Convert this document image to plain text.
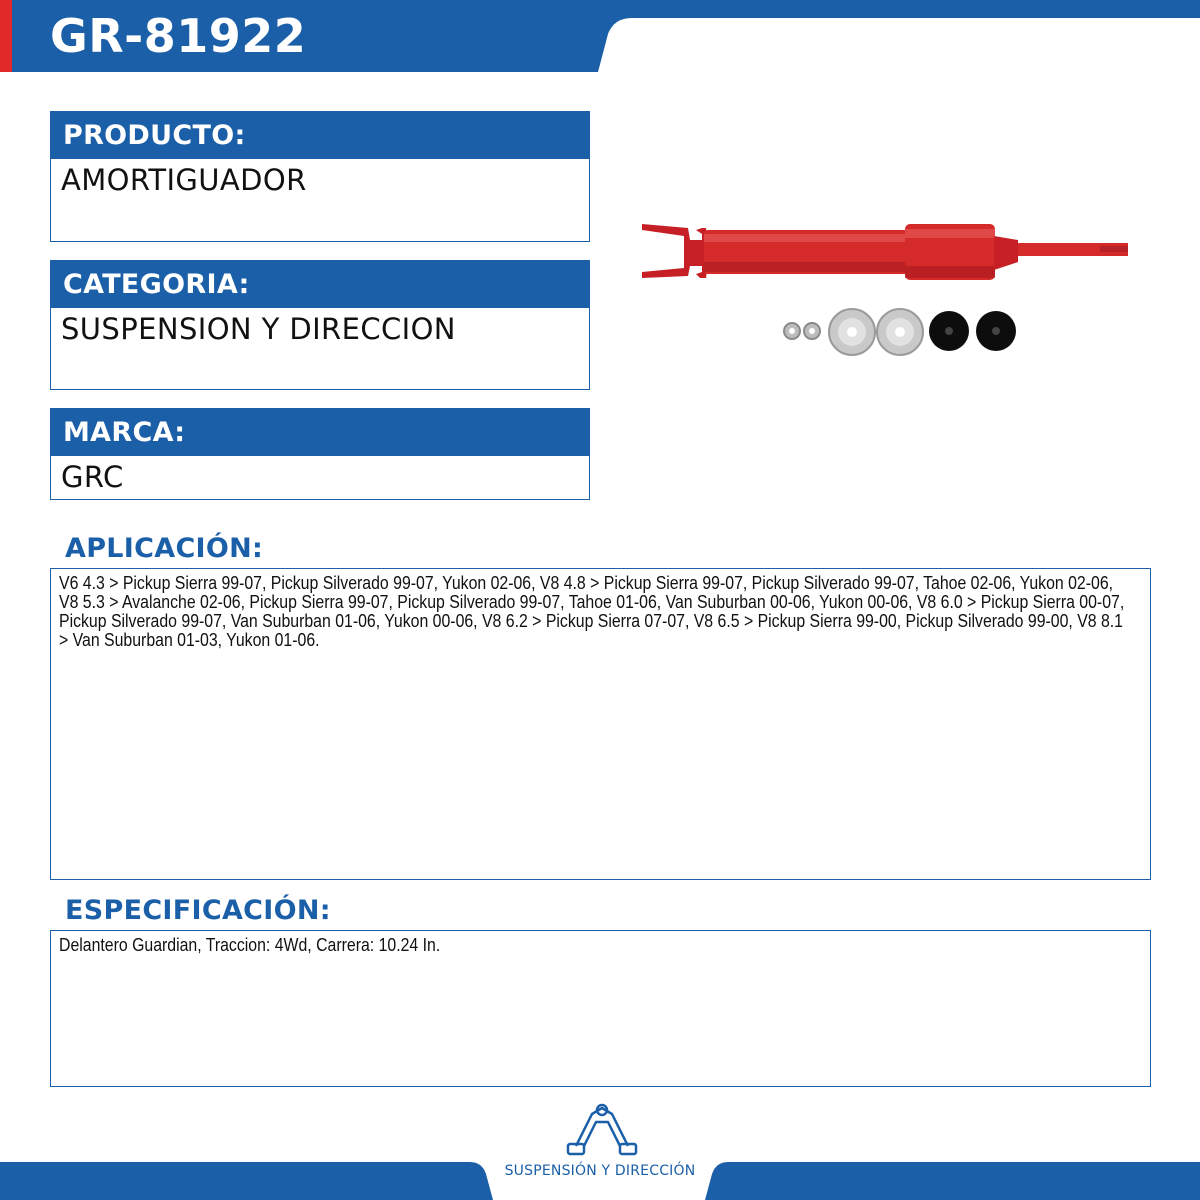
GR-81922
PRODUCTO:
AMORTIGUADOR
CATEGORIA:
SUSPENSION Y DIRECCION
MARCA:
GRC
APLICACIÓN:
V6 4.3 > Pickup Sierra 99-07, Pickup Silverado 99-07, Yukon 02-06, V8 4.8 > Pickup Sierra 99-07, Pickup Silverado 99-07, Tahoe 02-06, Yukon 02-06, V8 5.3 > Avalanche 02-06, Pickup Sierra 99-07, Pickup Silverado 99-07, Tahoe 01-06, Van Suburban 00-06, Yukon 00-06, V8 6.0 > Pickup Sierra 00-07, Pickup Silverado 99-07, Van Suburban 01-06, Yukon 00-06, V8 6.2 > Pickup Sierra 07-07, V8 6.5 > Pickup Sierra 99-00, Pickup Silverado 99-00, V8 8.1 > Van Suburban 01-03, Yukon 01-06.
ESPECIFICACIÓN:
Delantero Guardian, Traccion: 4Wd, Carrera: 10.24 In.
SUSPENSIÓN Y DIRECCIÓN
